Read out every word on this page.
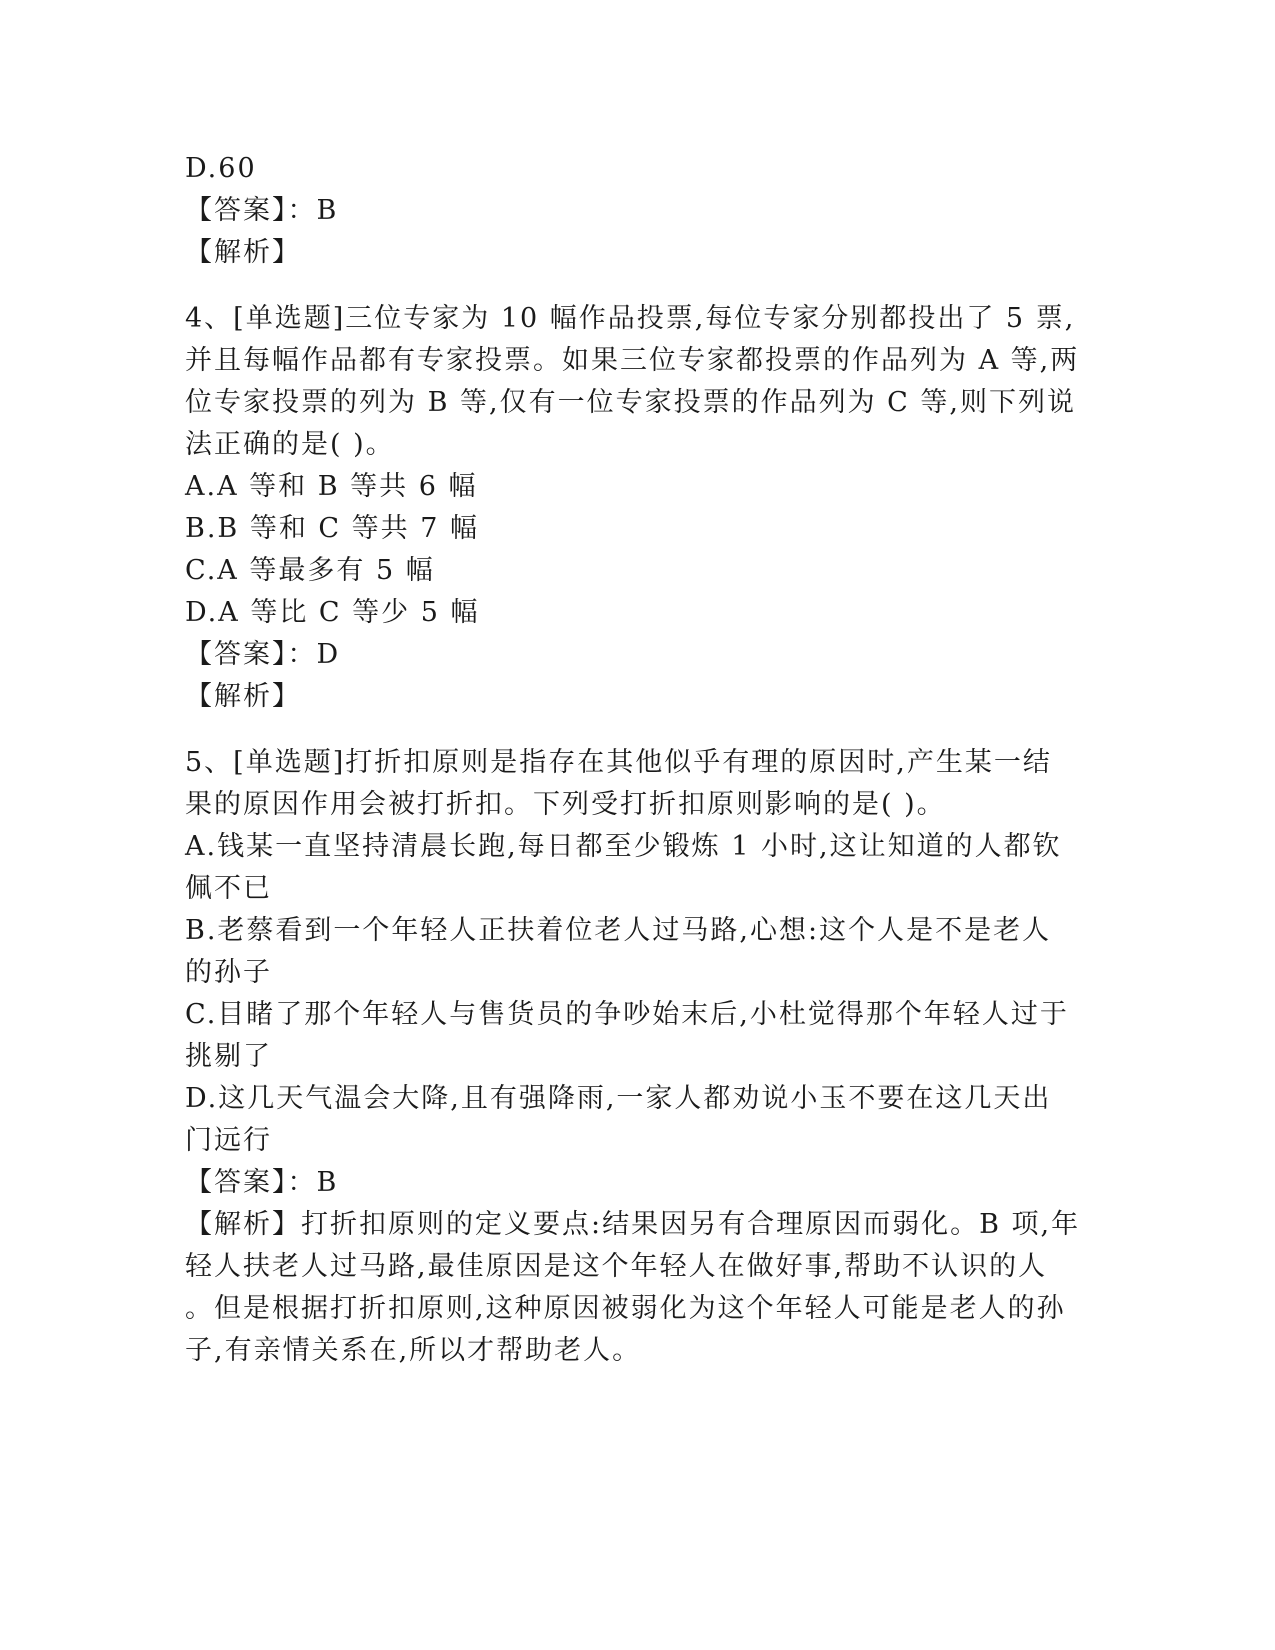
D.60
【答案】：B
【解析】
4、[单选题]三位专家为 10 幅作品投票,每位专家分别都投出了 5 票,
并且每幅作品都有专家投票。如果三位专家都投票的作品列为 A 等,两
位专家投票的列为 B 等,仅有一位专家投票的作品列为 C 等,则下列说
法正确的是( )。
A.A 等和 B 等共 6 幅
B.B 等和 C 等共 7 幅
C.A 等最多有 5 幅
D.A 等比 C 等少 5 幅
【答案】：D
【解析】
5、[单选题]打折扣原则是指存在其他似乎有理的原因时,产生某一结
果的原因作用会被打折扣。下列受打折扣原则影响的是( )。
A.钱某一直坚持清晨长跑,每日都至少锻炼 1 小时,这让知道的人都钦
佩不已
B.老蔡看到一个年轻人正扶着位老人过马路,心想:这个人是不是老人
的孙子
C.目睹了那个年轻人与售货员的争吵始末后,小杜觉得那个年轻人过于
挑剔了
D.这几天气温会大降,且有强降雨,一家人都劝说小玉不要在这几天出
门远行
【答案】：B
【解析】打折扣原则的定义要点:结果因另有合理原因而弱化。B 项,年
轻人扶老人过马路,最佳原因是这个年轻人在做好事,帮助不认识的人
。但是根据打折扣原则,这种原因被弱化为这个年轻人可能是老人的孙
子,有亲情关系在,所以才帮助老人。
